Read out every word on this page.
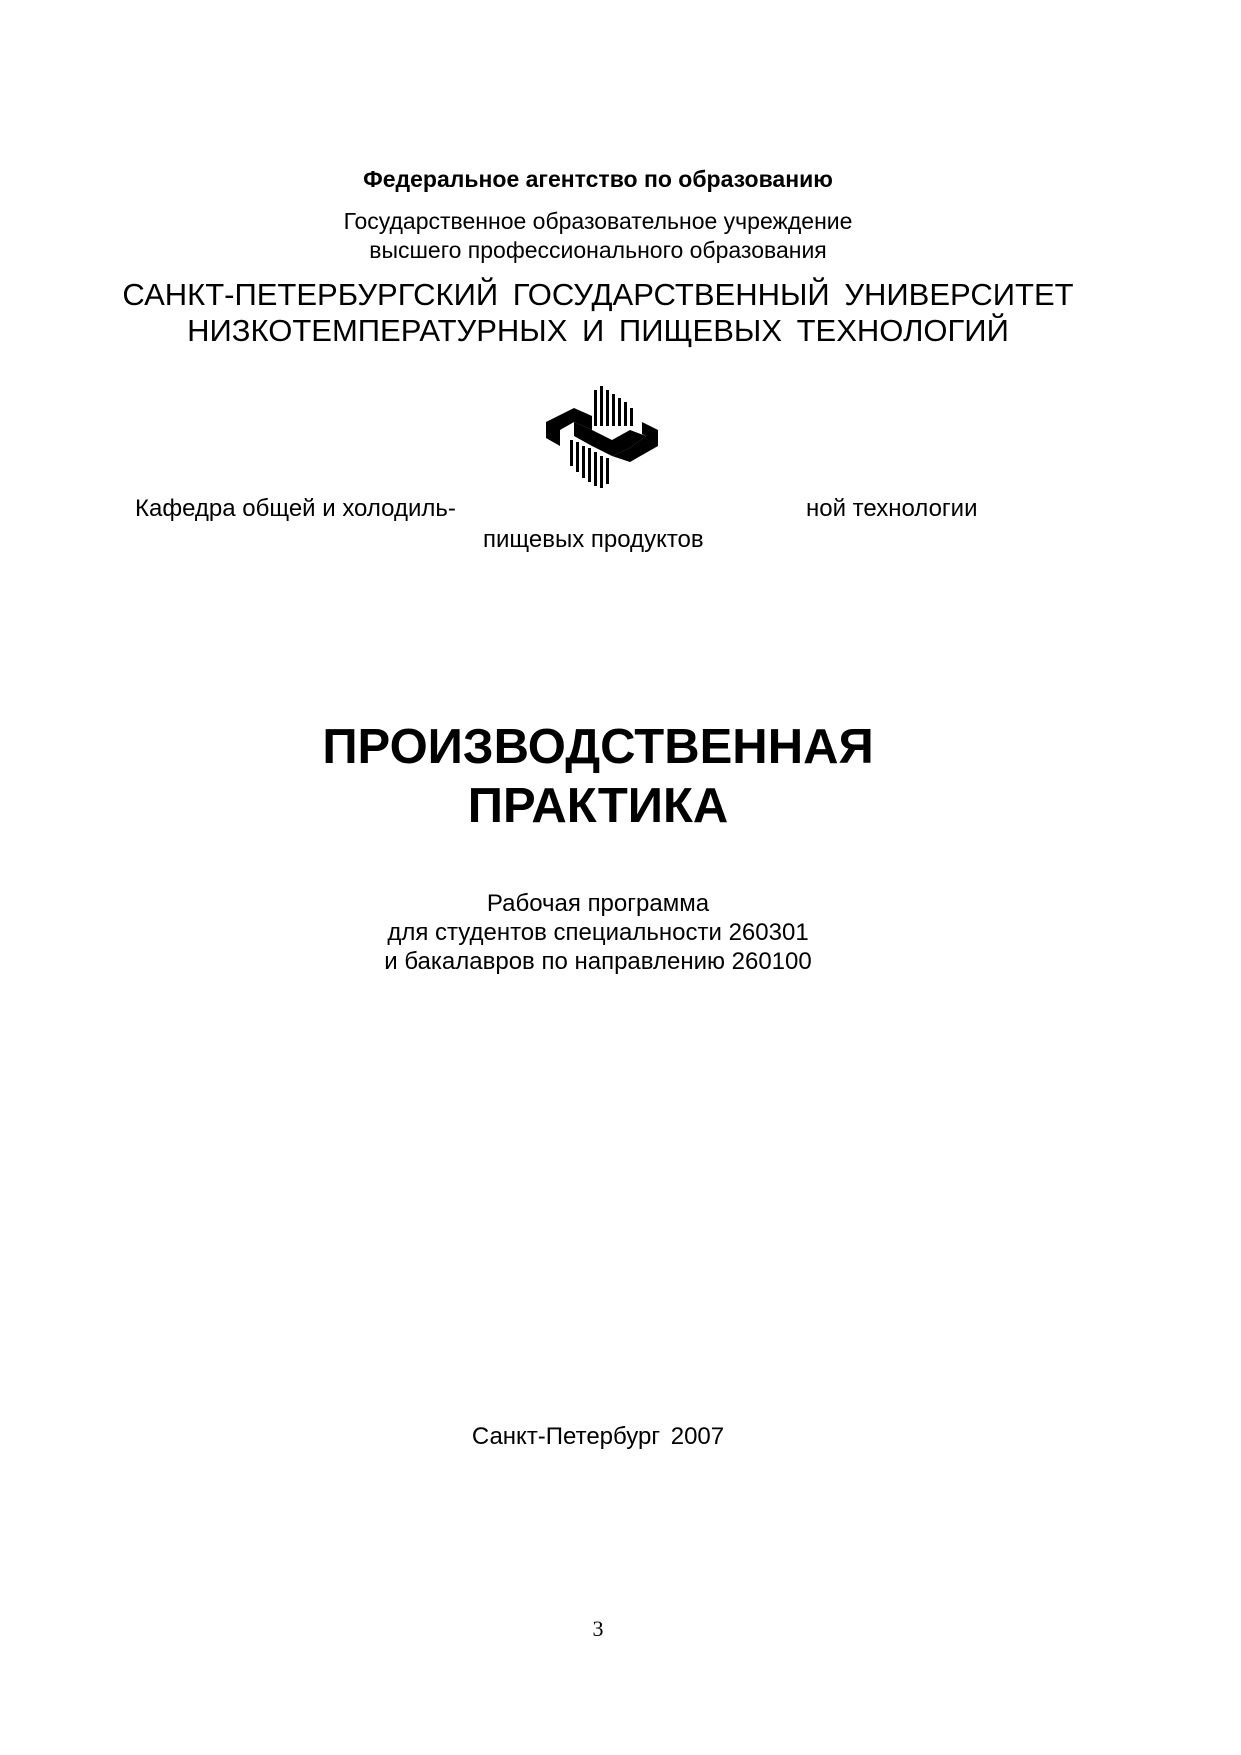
Федеральное агентство по образованию
Государственное образовательное учреждение
высшего профессионального образования
САНКТ-ПЕТЕРБУРГСКИЙ ГОСУДАРСТВЕННЫЙ УНИВЕРСИТЕТ
НИЗКОТЕМПЕРАТУРНЫХ И ПИЩЕВЫХ ТЕХНОЛОГИЙ
Кафедра общей и холодиль-	ной технологии
пищевых продуктов
ПРОИЗВОДСТВЕННАЯ
ПРАКТИКА
Рабочая программа
для студентов специальности 260301
и бакалавров по направлению 260100
Санкт-Петербург 2007
3
